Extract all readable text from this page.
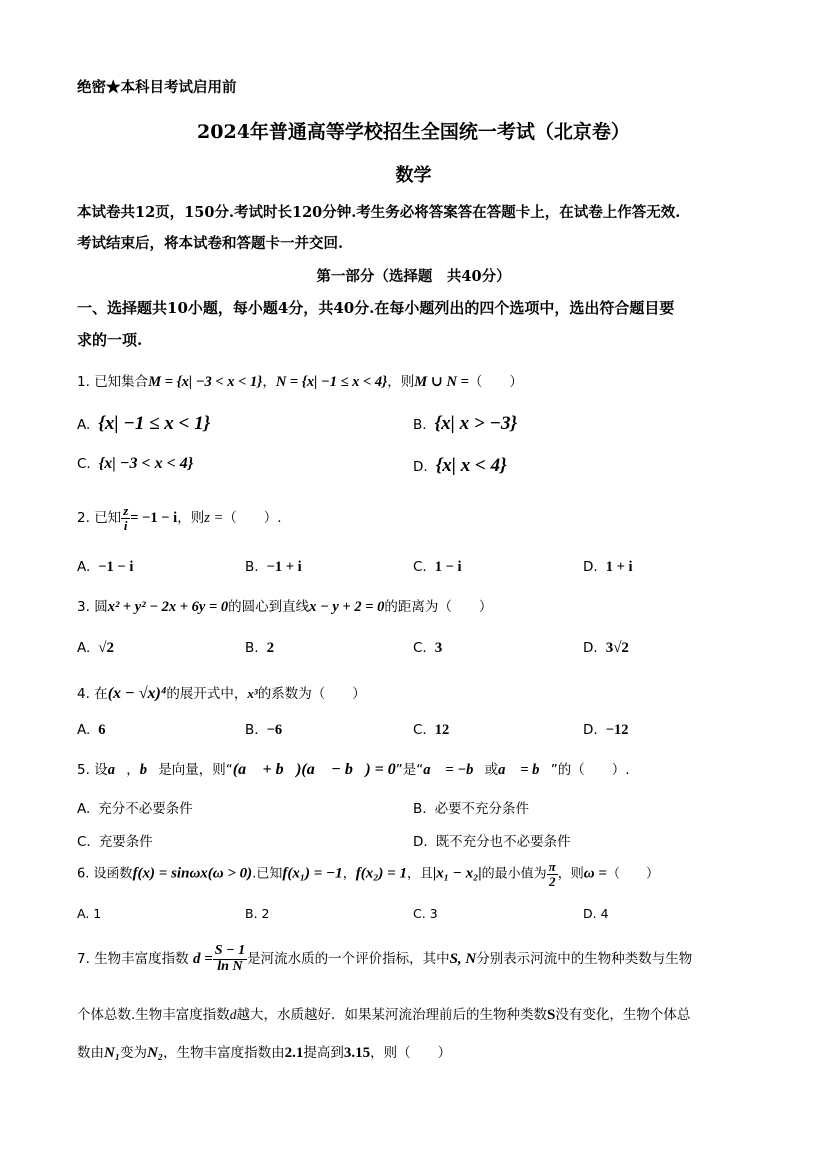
绝密★本科目考试启用前
2024年普通高等学校招生全国统一考试（北京卷）
数学
本试卷共12页，150分.考试时长120分钟.考生务必将答案答在答题卡上，在试卷上作答无效.
考试结束后，将本试卷和答题卡一并交回.
第一部分（选择题　共40分）
一、选择题共10小题，每小题4分，共40分.在每小题列出的四个选项中，选出符合题目要
求的一项.
1. 已知集合M = {x| −3 < x < 1}，N = {x| −1 ≤ x < 4}，则M ∪ N =（　　）
A. {x| −1 ≤ x < 1}	B. {x| x > −3}
C. {x| −3 < x < 4}	D. {x| x < 4}
2. 已知 $\frac{z}{i} = -1 - i$，则z =（　　）.
A. −1 − i	B. −1 + i	C. 1 − i	D. 1 + i
3. 圆x² + y² − 2x + 6y = 0的圆心到直线x − y + 2 = 0的距离为（　　）
A. √2	B. 2	C. 3	D. 3√2
4. 在(x − √x)⁴的展开式中，x³的系数为（　　）
A. 6	B. −6	C. 12	D. −12
5. 设a⃗，b⃗是向量，则“(a⃗ + b⃗)(a⃗ − b⃗) = 0”是“a⃗ = −b⃗或a⃗ = b⃗”的（　　）.
A. 充分不必要条件	B. 必要不充分条件
C. 充要条件	D. 既不充分也不必要条件
6. 设函数f(x) = sinωx(ω > 0).已知f(x₁) = −1，f(x₂) = 1，且|x₁ − x₂|的最小值为 $\frac{\pi}{2}$ ，则ω =（　　）
A. 1	B. 2	C. 3	D. 4
7. 生物丰富度指数 $d = \frac{S - 1}{\text{ln N}}$ 是河流水质的一个评价指标，其中S, N分别表示河流中的生物种类数与生物
个体总数.生物丰富度指数d越大，水质越好．如果某河流治理前后的生物种类数S没有变化，生物个体总
数由N₁变为N₂，生物丰富度指数由2.1提高到3.15，则（　　）
